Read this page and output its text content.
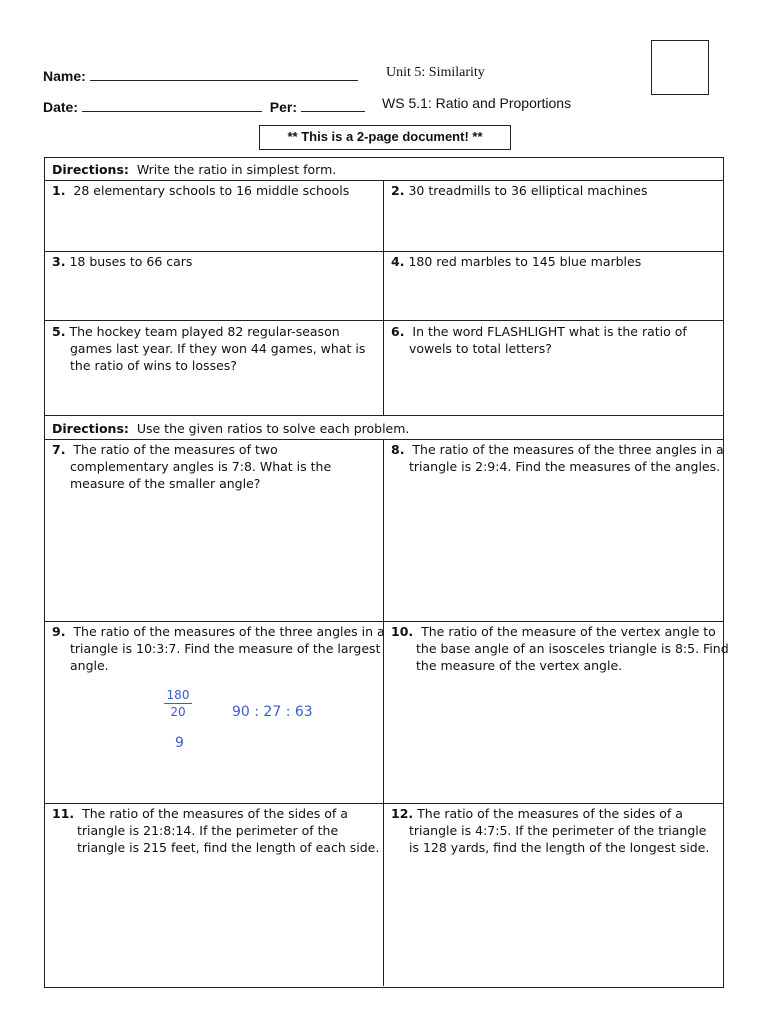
Name:
Date:	Per:
Unit 5: Similarity
WS 5.1: Ratio and Proportions
** This is a 2-page document! **
Directions: Write the ratio in simplest form.
1. 28 elementary schools to 16 middle schools	2. 30 treadmills to 36 elliptical machines
3. 18 buses to 66 cars	4. 180 red marbles to 145 blue marbles
5. The hockey team played 82 regular-season games last year. If they won 44 games, what is the ratio of wins to losses?
6. In the word FLASHLIGHT what is the ratio of vowels to total letters?
Directions: Use the given ratios to solve each problem.
7. The ratio of the measures of two complementary angles is 7:8. What is the measure of the smaller angle?
8. The ratio of the measures of the three angles in a triangle is 2:9:4. Find the measures of the angles.
9. The ratio of the measures of the three angles in a triangle is 10:3:7. Find the measure of the largest angle.
10. The ratio of the measure of the vertex angle to the base angle of an isosceles triangle is 8:5. Find the measure of the vertex angle.
11. The ratio of the measures of the sides of a triangle is 21:8:14. If the perimeter of the triangle is 215 feet, find the length of each side.
12. The ratio of the measures of the sides of a triangle is 4:7:5. If the perimeter of the triangle is 128 yards, find the length of the longest side.
180
20
9
90 : 27 : 63
